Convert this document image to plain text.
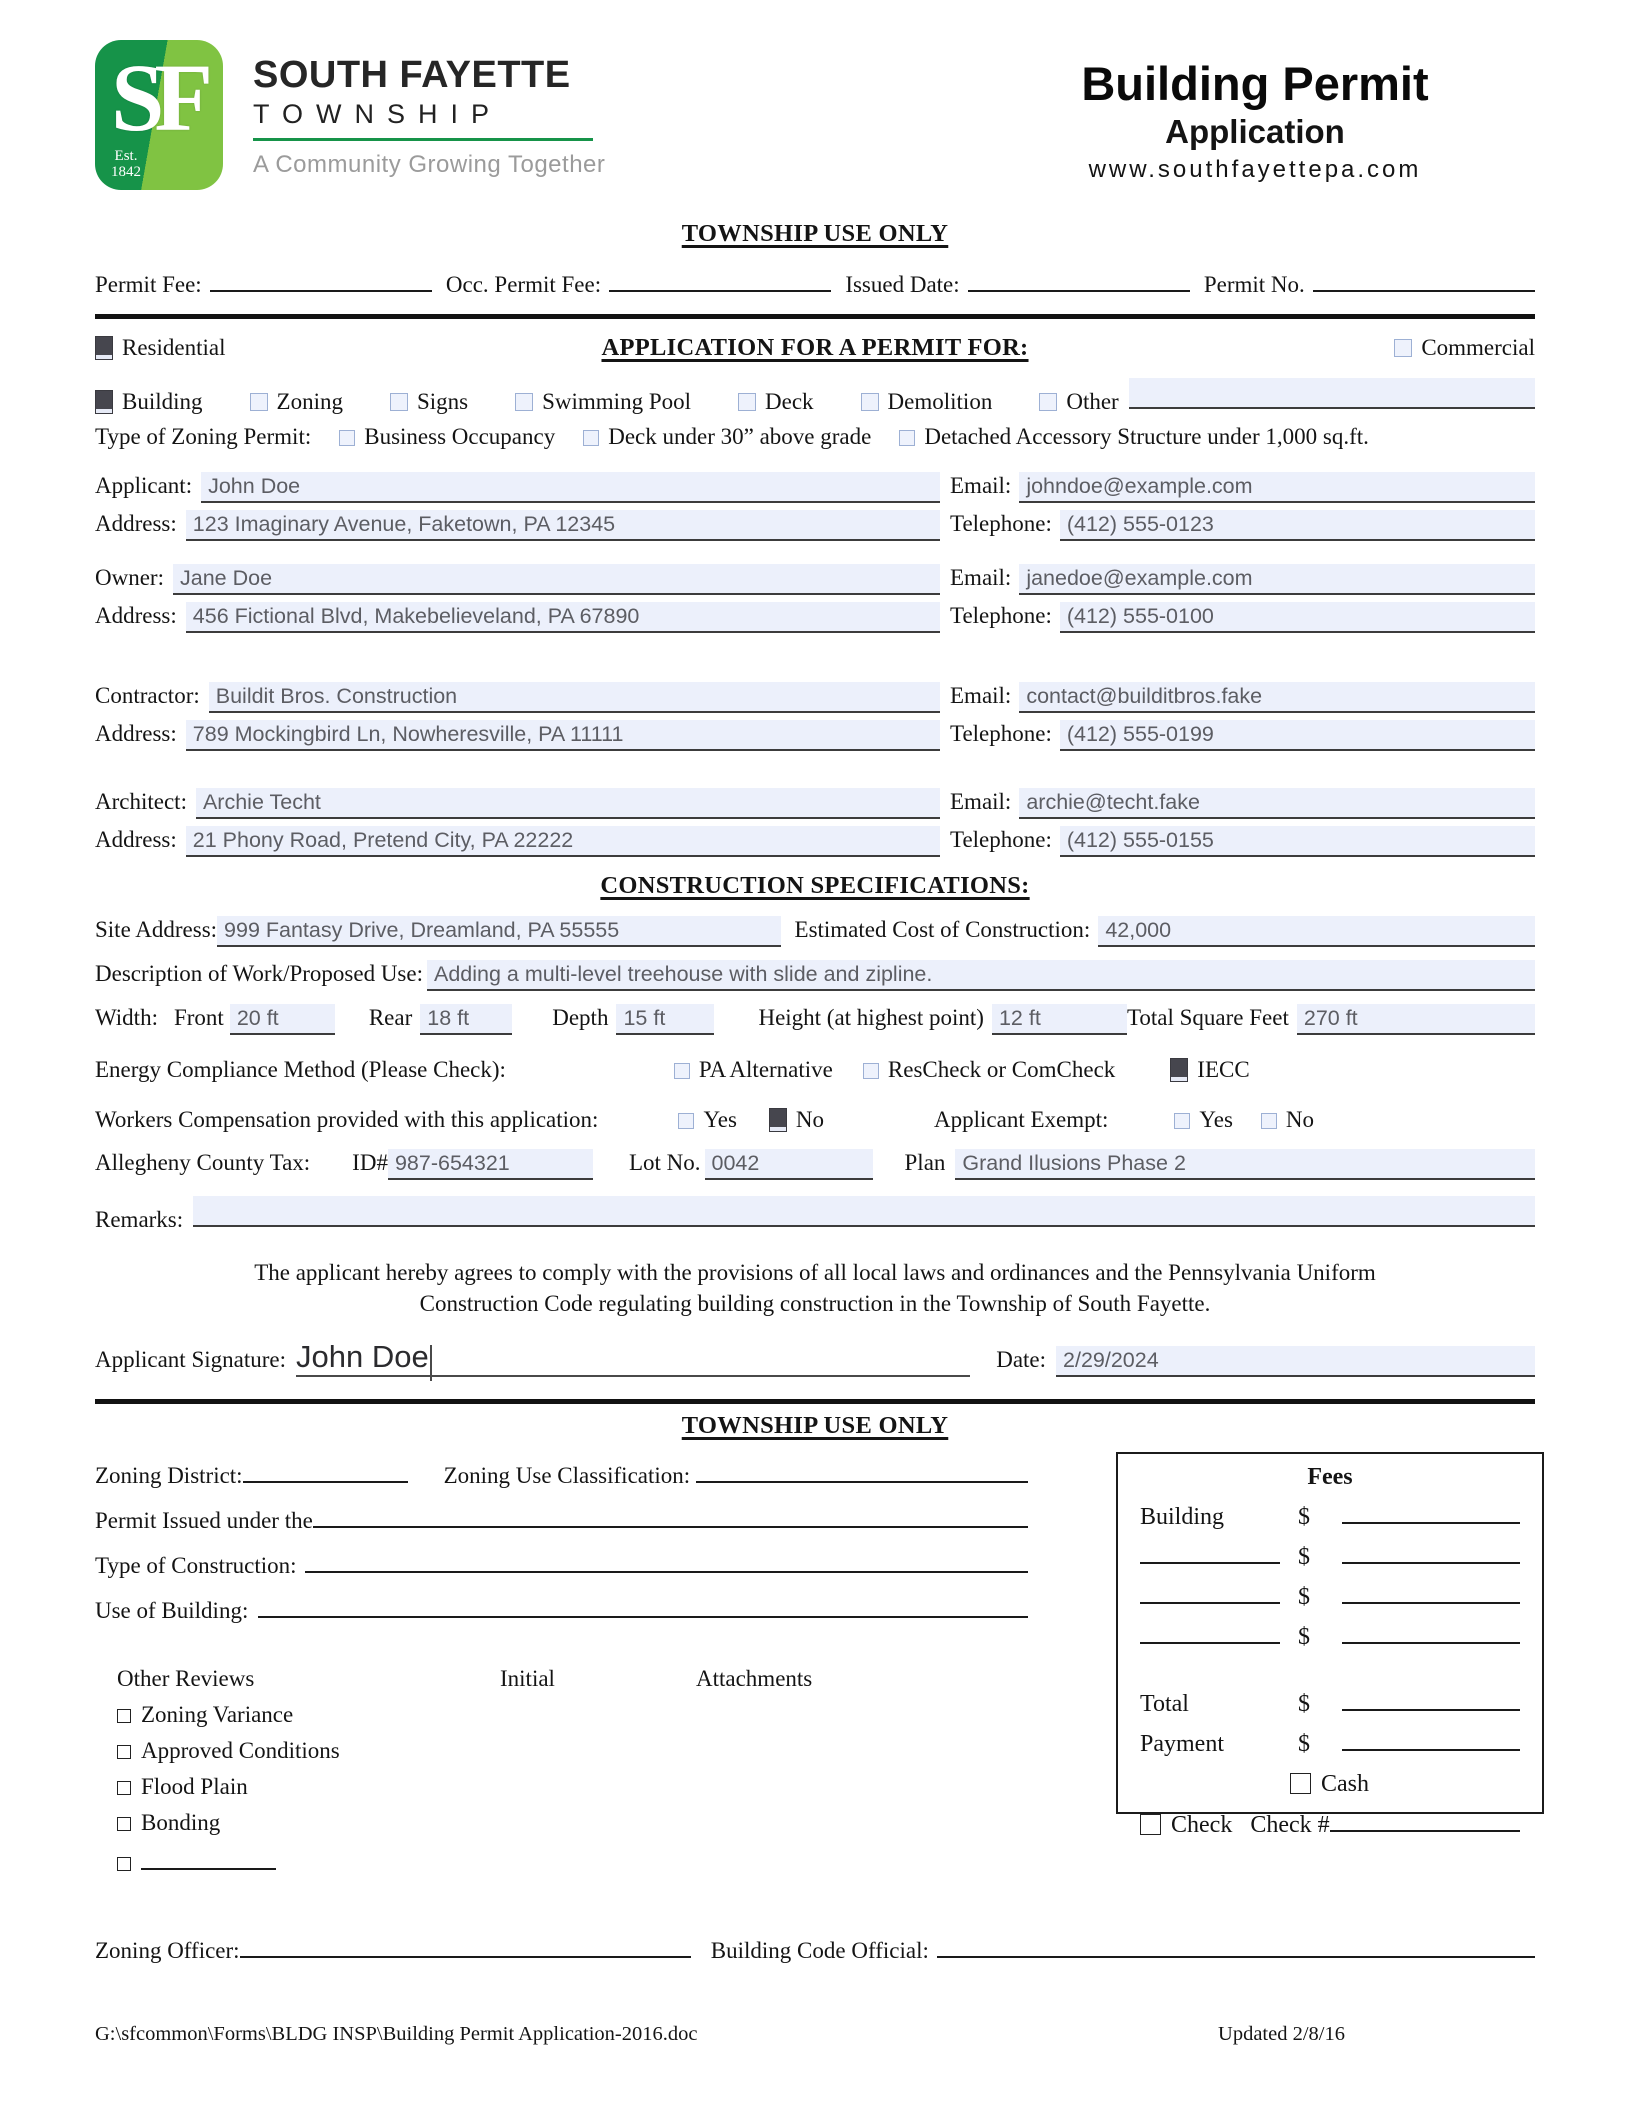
SF
Est.
1842
SOUTH FAYETTE
TOWNSHIP
A Community Growing Together
Building Permit
Application
www.southfayettepa.com
TOWNSHIP USE ONLY
Permit Fee:	Occ. Permit Fee:	Issued Date:	Permit No.
Residential	APPLICATION FOR A PERMIT FOR:	Commercial
Building	Zoning	Signs	Swimming Pool	Deck	Demolition	Other
Type of Zoning Permit: Business Occupancy Deck under 30” above grade Detached Accessory Structure under 1,000 sq.ft.
Applicant: John Doe	Email: johndoe@example.com
Address: 123 Imaginary Avenue, Faketown, PA 12345	Telephone: (412) 555-0123
Owner: Jane Doe	Email: janedoe@example.com
Address: 456 Fictional Blvd, Makebelieveland, PA 67890	Telephone: (412) 555-0100
Contractor: Buildit Bros. Construction	Email: contact@builditbros.fake
Address: 789 Mockingbird Ln, Nowheresville, PA 11111	Telephone: (412) 555-0199
Architect: Archie Techt	Email: archie@techt.fake
Address: 21 Phony Road, Pretend City, PA 22222	Telephone: (412) 555-0155
CONSTRUCTION SPECIFICATIONS:
Site Address: 999 Fantasy Drive, Dreamland, PA 55555	Estimated Cost of Construction: 42,000
Description of Work/Proposed Use: Adding a multi-level treehouse with slide and zipline.
Width: Front 20 ft	Rear 18 ft	Depth 15 ft	Height (at highest point) 12 ft	Total Square Feet 270 ft
Energy Compliance Method (Please Check):	PA Alternative ResCheck or ComCheck	IECC
Workers Compensation provided with this application:	Yes	No	Applicant Exempt:	Yes No
Allegheny County Tax: ID# 987-654321	Lot No. 0042	Plan Grand Ilusions Phase 2
Remarks:
The applicant hereby agrees to comply with the provisions of all local laws and ordinances and the Pennsylvania Uniform
Construction Code regulating building construction in the Township of South Fayette.
Applicant Signature: John Doe	Date: 2/29/2024
TOWNSHIP USE ONLY
Zoning District:	Zoning Use Classification:
Permit Issued under the
Type of Construction:
Use of Building:
Other Reviews	Initial	Attachments
Zoning Variance
Approved Conditions
Flood Plain
Bonding
Fees
Building	$
$
$
$
Total	$
Payment	$
Cash
Check Check #
Zoning Officer:	Building Code Official:
G:\sfcommon\Forms\BLDG INSP\Building Permit Application-2016.doc	Updated 2/8/16
